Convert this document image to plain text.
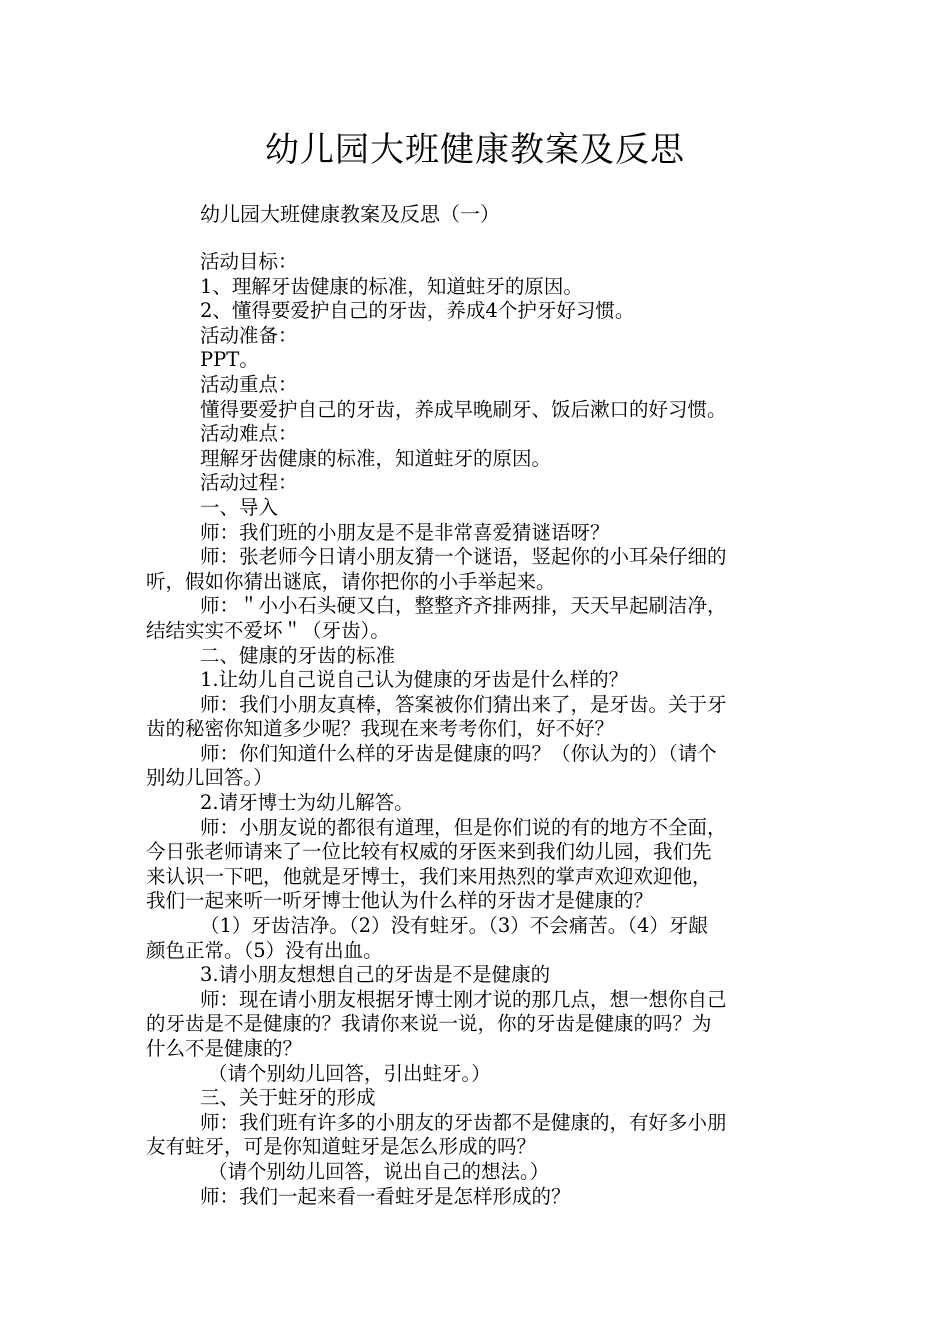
幼儿园大班健康教案及反思
幼儿园大班健康教案及反思（一）
活动目标：
1、理解牙齿健康的标准，知道蛀牙的原因。
2、懂得要爱护自己的牙齿，养成4个护牙好习惯。
活动准备：
PPT。
活动重点：
懂得要爱护自己的牙齿，养成早晚刷牙、饭后漱口的好习惯。
活动难点：
理解牙齿健康的标准，知道蛀牙的原因。
活动过程：
一、导入
师：我们班的小朋友是不是非常喜爱猜谜语呀？
师：张老师今日请小朋友猜一个谜语，竖起你的小耳朵仔细的
听，假如你猜出谜底，请你把你的小手举起来。
师：＂小小石头硬又白，整整齐齐排两排，天天早起刷洁净，
结结实实不爱坏＂（牙齿）。
二、健康的牙齿的标准
1.让幼儿自己说自己认为健康的牙齿是什么样的？
师：我们小朋友真棒，答案被你们猜出来了，是牙齿。关于牙
齿的秘密你知道多少呢？我现在来考考你们，好不好？
师：你们知道什么样的牙齿是健康的吗？（你认为的）（请个
别幼儿回答。）
2.请牙博士为幼儿解答。
师：小朋友说的都很有道理，但是你们说的有的地方不全面，
今日张老师请来了一位比较有权威的牙医来到我们幼儿园，我们先
来认识一下吧，他就是牙博士，我们来用热烈的掌声欢迎欢迎他，
我们一起来听一听牙博士他认为什么样的牙齿才是健康的？
（1）牙齿洁净。（2）没有蛀牙。（3）不会痛苦。（4）牙龈
颜色正常。（5）没有出血。
3.请小朋友想想自己的牙齿是不是健康的
师：现在请小朋友根据牙博士刚才说的那几点，想一想你自己
的牙齿是不是健康的？我请你来说一说，你的牙齿是健康的吗？为
什么不是健康的？
（请个别幼儿回答，引出蛀牙。）
三、关于蛀牙的形成
师：我们班有许多的小朋友的牙齿都不是健康的，有好多小朋
友有蛀牙，可是你知道蛀牙是怎么形成的吗？
（请个别幼儿回答，说出自己的想法。）
师：我们一起来看一看蛀牙是怎样形成的？
